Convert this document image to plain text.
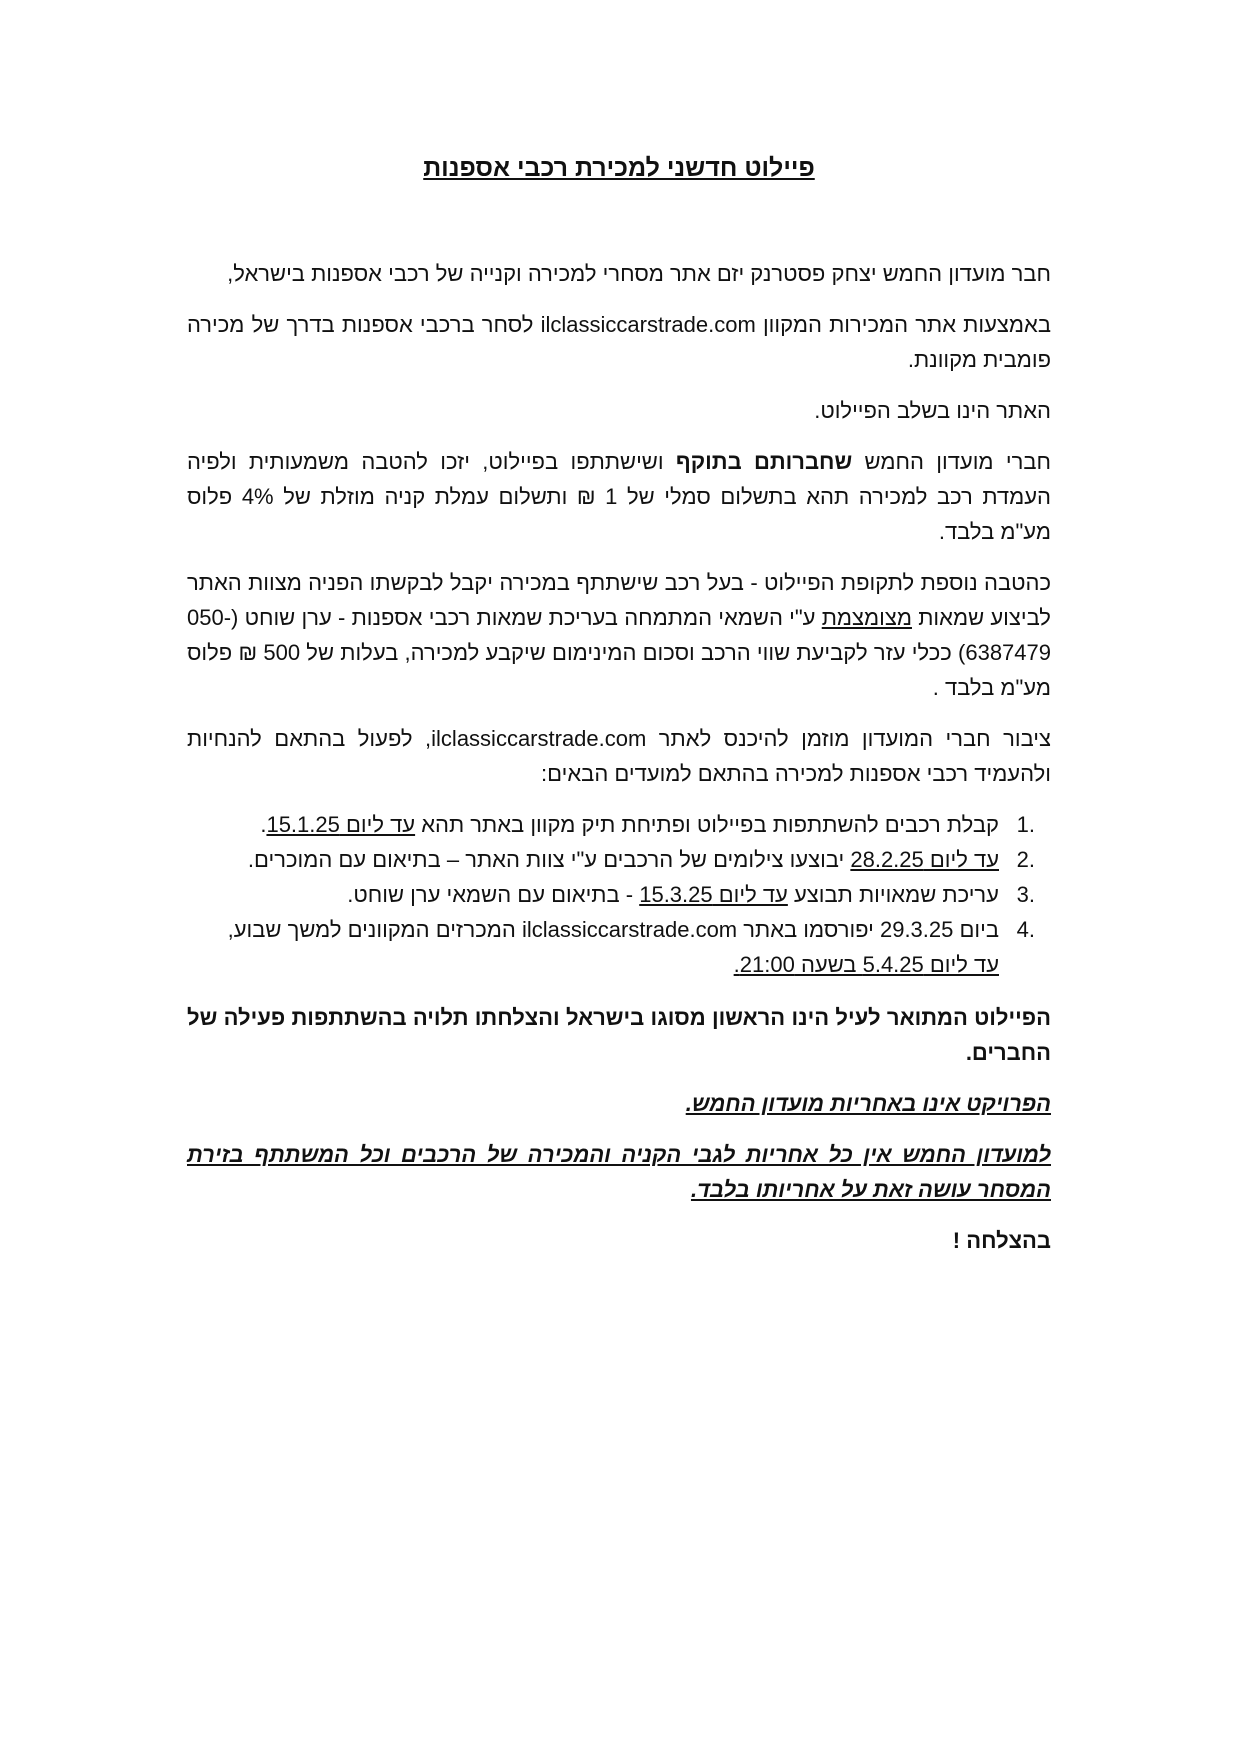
פיילוט חדשני למכירת רכבי אספנות

חבר מועדון החמש יצחק פסטרנק יזם אתר מסחרי למכירה וקנייה של רכבי אספנות בישראל,

באמצעות אתר המכירות המקוון ilclassiccarstrade.com לסחר ברכבי אספנות בדרך של מכירה פומבית מקוונת.

האתר הינו בשלב הפיילוט.

חברי מועדון החמש שחברותם בתוקף ושישתתפו בפיילוט, יזכו להטבה משמעותית ולפיה העמדת רכב למכירה תהא בתשלום סמלי של 1 ₪ ותשלום עמלת קניה מוזלת של 4% פלוס מע"מ בלבד.

כהטבה נוספת לתקופת הפיילוט - בעל רכב שישתתף במכירה יקבל לבקשתו הפניה מצוות האתר לביצוע שמאות מצומצמת ע"י השמאי המתמחה בעריכת שמאות רכבי אספנות - ערן שוחט (050-6387479) ככלי עזר לקביעת שווי הרכב וסכום המינימום שיקבע למכירה, בעלות של 500 ₪ פלוס מע"מ בלבד .

ציבור חברי המועדון מוזמן להיכנס לאתר ilclassiccarstrade.com, לפעול בהתאם להנחיות ולהעמיד רכבי אספנות למכירה בהתאם למועדים הבאים:

1.
קבלת רכבים להשתתפות בפיילוט ופתיחת תיק מקוון באתר תהא עד ליום 15.1.25.
2.
עד ליום 28.2.25 יבוצעו צילומים של הרכבים ע"י צוות האתר – בתיאום עם המוכרים.
3.
עריכת שמאויות תבוצע עד ליום 15.3.25 - בתיאום עם השמאי ערן שוחט.
4.
ביום 29.3.25 יפורסמו באתר ilclassiccarstrade.com המכרזים המקוונים למשך שבוע,
עד ליום 5.4.25 בשעה 21:00.

הפיילוט המתואר לעיל הינו הראשון מסוגו בישראל והצלחתו תלויה בהשתתפות פעילה של החברים.

הפרויקט אינו באחריות מועדון החמש.

למועדון החמש אין כל אחריות לגבי הקניה והמכירה של הרכבים וכל המשתתף בזירת המסחר עושה זאת על אחריותו בלבד.

בהצלחה !
